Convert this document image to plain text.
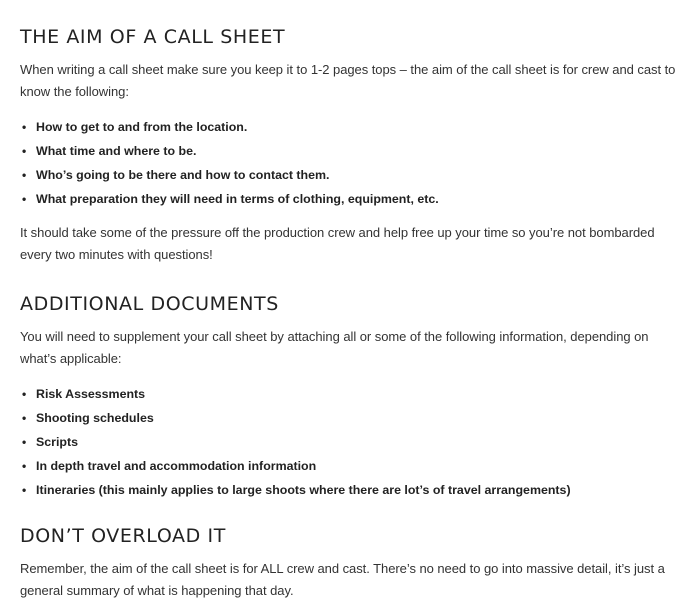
THE AIM OF A CALL SHEET

When writing a call sheet make sure you keep it to 1-2 pages tops – the aim of the call sheet is for crew and cast to know the following:

• How to get to and from the location.
• What time and where to be.
• Who’s going to be there and how to contact them.
• What preparation they will need in terms of clothing, equipment, etc.

It should take some of the pressure off the production crew and help free up your time so you’re not bombarded every two minutes with questions!

ADDITIONAL DOCUMENTS

You will need to supplement your call sheet by attaching all or some of the following information, depending on what’s applicable:

• Risk Assessments
• Shooting schedules
• Scripts
• In depth travel and accommodation information
• Itineraries (this mainly applies to large shoots where there are lot’s of travel arrangements)
DON’T OVERLOAD IT

Remember, the aim of the call sheet is for ALL crew and cast. There’s no need to go into massive detail, it’s just a general summary of what is happening that day.
